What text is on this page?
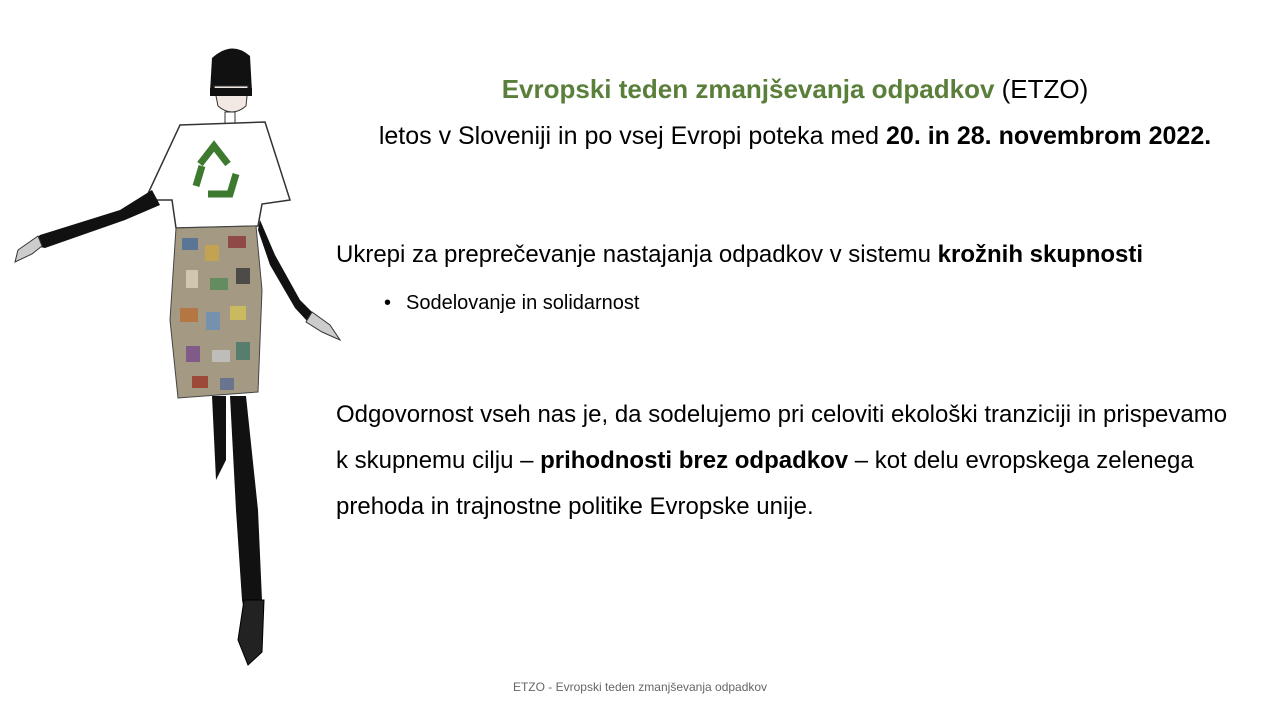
Evropski teden zmanjševanja odpadkov (ETZO)
letos v Sloveniji in po vsej Evropi poteka med 20. in 28. novembrom 2022.
Ukrepi za preprečevanje nastajanja odpadkov v sistemu krožnih skupnosti
• Sodelovanje in solidarnost
Odgovornost vseh nas je, da sodelujemo pri celoviti ekološki tranziciji in prispevamo k skupnemu cilju – prihodnosti brez odpadkov – kot delu evropskega zelenega prehoda in trajnostne politike Evropske unije.
ETZO - Evropski teden zmanjševanja odpadkov
